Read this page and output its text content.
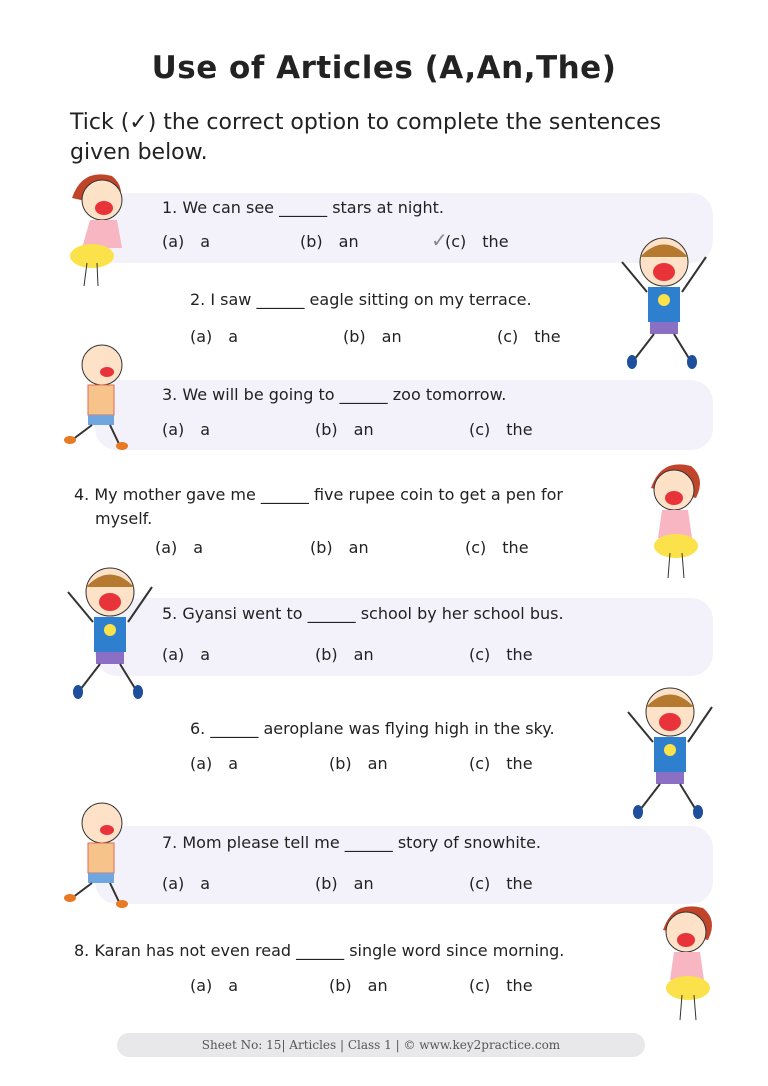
Use of Articles (A,An,The)
Tick (✓) the correct option to complete the sentences given below.
1. We can see ______ stars at night.
(a) a	(b) an	(c) the
✓
2. I saw ______ eagle sitting on my terrace.
(a) a	(b) an	(c) the
3. We will be going to ______ zoo tomorrow.
(a) a	(b) an	(c) the
4. My mother gave me ______ five rupee coin to get a pen for
myself.
(a) a	(b) an	(c) the
5. Gyansi went to ______ school by her school bus.
(a) a	(b) an	(c) the
6. ______ aeroplane was flying high in the sky.
(a) a	(b) an	(c) the
7. Mom please tell me ______ story of snowhite.
(a) a	(b) an	(c) the
8. Karan has not even read ______ single word since morning.
(a) a	(b) an	(c) the
Sheet No: 15| Articles | Class 1 | © www.key2practice.com
